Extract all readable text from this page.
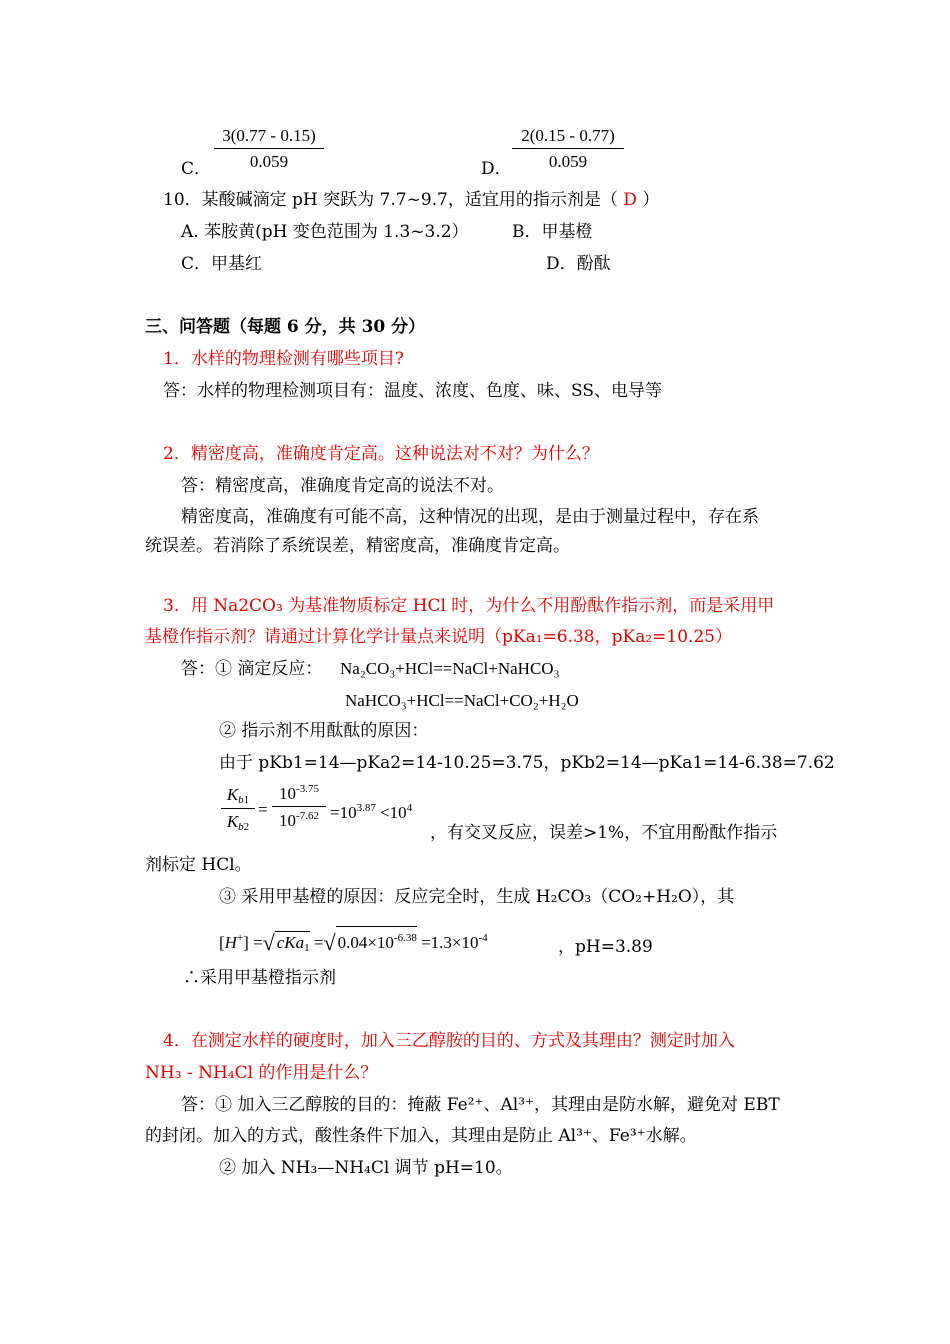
C． $\frac{3(0.77 - 0.15)}{0.059}$	D． $\frac{2(0.15 - 0.77)}{0.059}$
10．某酸碱滴定 pH 突跃为 7.7~9.7，适宜用的指示剂是（ D ）
A. 苯胺黄(pH 变色范围为 1.3~3.2）	B．甲基橙
C．甲基红	D．酚酞
三、问答题（每题 6 分，共 30 分）
1．水样的物理检测有哪些项目?
答：水样的物理检测项目有：温度、浓度、色度、味、SS、电导等
2．精密度高，准确度肯定高。这种说法对不对？为什么？
答：精密度高，准确度肯定高的说法不对。
精密度高，准确度有可能不高，这种情况的出现，是由于测量过程中，存在系
统误差。若消除了系统误差，精密度高，准确度肯定高。
3．用 Na2CO₃ 为基准物质标定 HCl 时，为什么不用酚酞作指示剂，而是采用甲
基橙作指示剂？请通过计算化学计量点来说明（pKa₁=6.38，pKa₂=10.25）
答：① 滴定反应： Na₂CO₃+HCl==NaCl+NaHCO₃
NaHCO₃+HCl==NaCl+CO₂+H₂O
② 指示剂不用酞酞的原因：
由于 pKb1=14—pKa2=14-10.25=3.75，pKb2=14—pKa1=14-6.38=7.62
$\frac{K_{b1}}{K_{b2}} = \frac{10^{-3.75}}{10^{-7.62}} =10^{3.87} <10^4$
，有交叉反应，误差>1%，不宜用酚酞作指示
剂标定 HCl。
③ 采用甲基橙的原因：反应完全时，生成 H₂CO₃（CO₂+H₂O），其
[H+] =√ cKa$_1$ =√ $0.04\times 10^{-6.38} =1.3\times 10^{-4}$	，pH=3.89
∴采用甲基橙指示剂
4．在测定水样的硬度时，加入三乙醇胺的目的、方式及其理由？测定时加入
NH₃ - NH₄Cl 的作用是什么？
答：① 加入三乙醇胺的目的：掩蔽 Fe²⁺、Al³⁺，其理由是防水解，避免对 EBT
的封闭。加入的方式，酸性条件下加入，其理由是防止 Al³⁺、Fe³⁺水解。
② 加入 NH₃—NH₄Cl 调节 pH=10。
